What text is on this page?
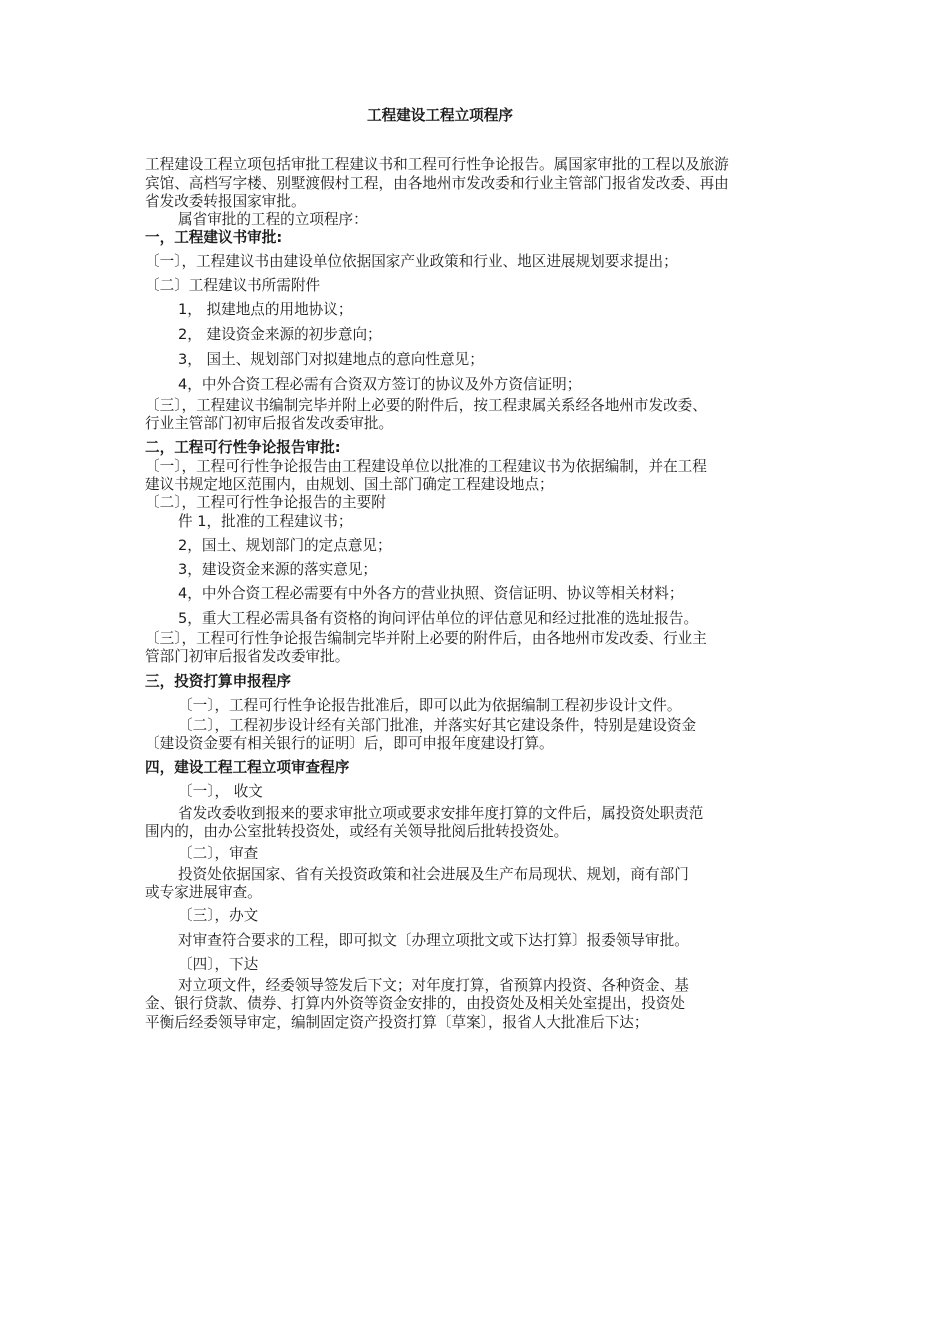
工程建设工程立项程序
工程建设工程立项包括审批工程建议书和工程可行性争论报告。属国家审批的工程以及旅游
宾馆、高档写字楼、别墅渡假村工程，由各地州市发改委和行业主管部门报省发改委、再由
省发改委转报国家审批。
属省审批的工程的立项程序：
一，工程建议书审批:
〔一〕，工程建议书由建设单位依据国家产业政策和行业、地区进展规划要求提出；
〔二〕工程建议书所需附件
1， 拟建地点的用地协议；
2， 建设资金来源的初步意向；
3， 国土、规划部门对拟建地点的意向性意见；
4，中外合资工程必需有合资双方签订的协议及外方资信证明；
〔三〕，工程建议书编制完毕并附上必要的附件后，按工程隶属关系经各地州市发改委、
行业主管部门初审后报省发改委审批。
二，工程可行性争论报告审批:
〔一〕，工程可行性争论报告由工程建设单位以批准的工程建议书为依据编制，并在工程
建议书规定地区范围内，由规划、国土部门确定工程建设地点；
〔二〕，工程可行性争论报告的主要附
件 1，批准的工程建议书；
2，国土、规划部门的定点意见；
3，建设资金来源的落实意见；
4，中外合资工程必需要有中外各方的营业执照、资信证明、协议等相关材料；
5，重大工程必需具备有资格的询问评估单位的评估意见和经过批准的选址报告。
〔三〕，工程可行性争论报告编制完毕并附上必要的附件后，由各地州市发改委、行业主
管部门初审后报省发改委审批。
三，投资打算申报程序
〔一〕，工程可行性争论报告批准后，即可以此为依据编制工程初步设计文件。
〔二〕，工程初步设计经有关部门批准，并落实好其它建设条件，特别是建设资金
〔建设资金要有相关银行的证明〕后，即可申报年度建设打算。
四，建设工程工程立项审查程序
〔一〕， 收文
省发改委收到报来的要求审批立项或要求安排年度打算的文件后，属投资处职责范
围内的，由办公室批转投资处，或经有关领导批阅后批转投资处。
〔二〕，审查
投资处依据国家、省有关投资政策和社会进展及生产布局现状、规划，商有部门
或专家进展审查。
〔三〕，办文
对审查符合要求的工程，即可拟文〔办理立项批文或下达打算〕报委领导审批。
〔四〕，下达
对立项文件，经委领导签发后下文；对年度打算，省预算内投资、各种资金、基
金、银行贷款、债券、打算内外资等资金安排的，由投资处及相关处室提出，投资处
平衡后经委领导审定，编制固定资产投资打算〔草案〕，报省人大批准后下达；
